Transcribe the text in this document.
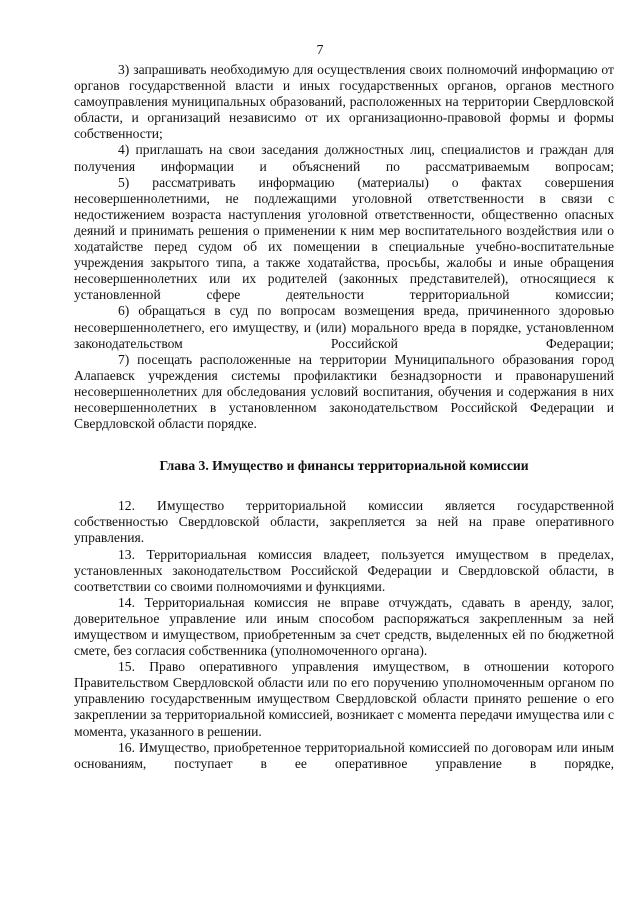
7

3) запрашивать необходимую для осуществления своих полномочий информацию от органов государственной власти и иных государственных органов, органов местного самоуправления муниципальных образований, расположенных на территории Свердловской области, и организаций независимо от их организационно-правовой формы и формы собственности;

4) приглашать на свои заседания должностных лиц, специалистов и граждан для получения информации и объяснений по рассматриваемым вопросам;

5) рассматривать информацию (материалы) о фактах совершения несовершеннолетними, не подлежащими уголовной ответственности в связи с недостижением возраста наступления уголовной ответственности, общественно опасных деяний и принимать решения о применении к ним мер воспитательного воздействия или о ходатайстве перед судом об их помещении в специальные учебно-воспитательные учреждения закрытого типа, а также ходатайства, просьбы, жалобы и иные обращения несовершеннолетних или их родителей (законных представителей), относящиеся к установленной сфере деятельности территориальной комиссии;

6) обращаться в суд по вопросам возмещения вреда, причиненного здоровью несовершеннолетнего, его имуществу, и (или) морального вреда в порядке, установленном законодательством Российской Федерации;

7) посещать расположенные на территории Муниципального образования город Алапаевск учреждения системы профилактики безнадзорности и правонарушений несовершеннолетних для обследования условий воспитания, обучения и содержания в них несовершеннолетних в установленном законодательством Российской Федерации и Свердловской области порядке.

Глава 3. Имущество и финансы территориальной комиссии

12. Имущество территориальной комиссии является государственной собственностью Свердловской области, закрепляется за ней на праве оперативного управления.

13. Территориальная комиссия владеет, пользуется имуществом в пределах, установленных законодательством Российской Федерации и Свердловской области, в соответствии со своими полномочиями и функциями.

14. Территориальная комиссия не вправе отчуждать, сдавать в аренду, залог, доверительное управление или иным способом распоряжаться закрепленным за ней имуществом и имуществом, приобретенным за счет средств, выделенных ей по бюджетной смете, без согласия собственника (уполномоченного органа).

15. Право оперативного управления имуществом, в отношении которого Правительством Свердловской области или по его поручению уполномоченным органом по управлению государственным имуществом Свердловской области принято решение о его закреплении за территориальной комиссией, возникает с момента передачи имущества или с момента, указанного в решении.

16. Имущество, приобретенное территориальной комиссией по договорам или иным основаниям, поступает в ее оперативное управление в порядке,
